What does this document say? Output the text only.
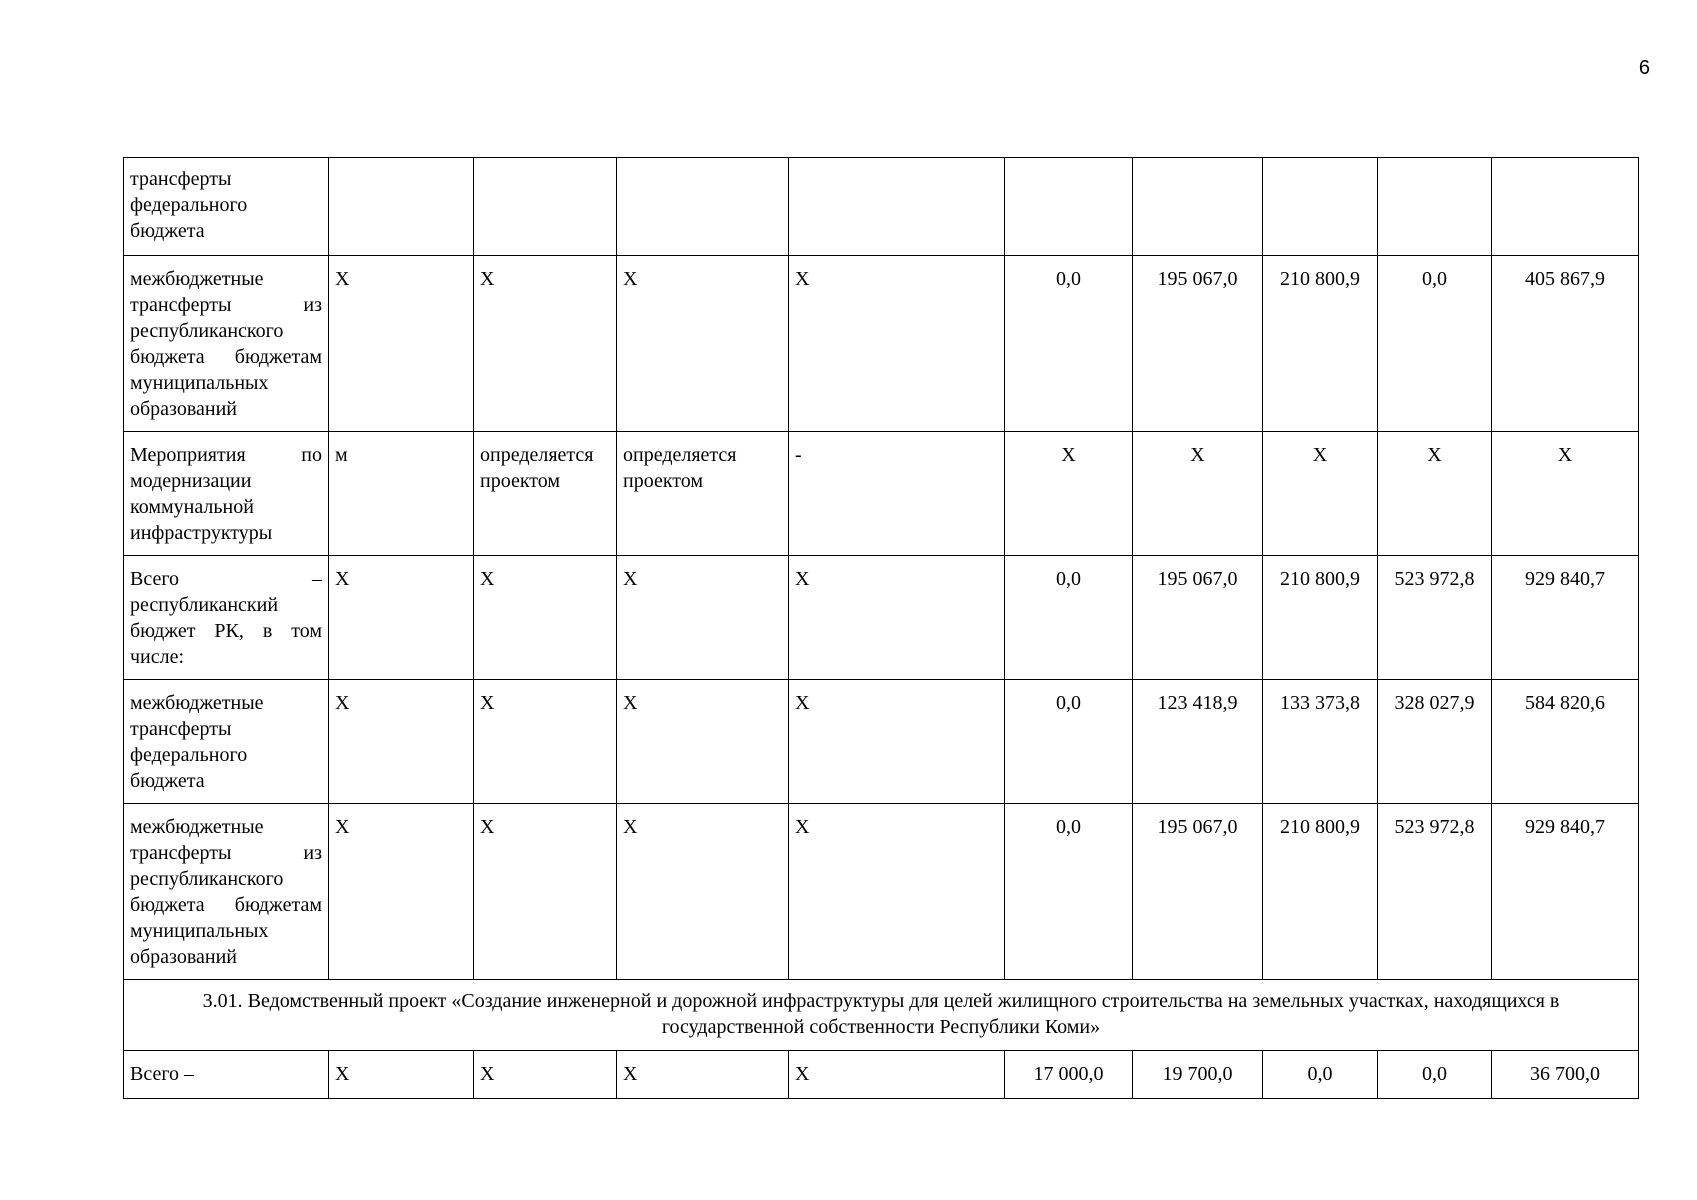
6
трансферты федерального бюджета									
межбюджетные трансферты из республиканского бюджета бюджетам муниципальных образований	X	X	X	X	0,0	195 067,0	210 800,9	0,0	405 867,9
Мероприятия по модернизации коммунальной инфраструктуры	м	определяется проектом	определяется проектом	-	X	X	X	X	X
Всего – республиканский бюджет РК, в том числе:	X	X	X	X	0,0	195 067,0	210 800,9	523 972,8	929 840,7
межбюджетные трансферты федерального бюджета	X	X	X	X	0,0	123 418,9	133 373,8	328 027,9	584 820,6
межбюджетные трансферты из республиканского бюджета бюджетам муниципальных образований	X	X	X	X	0,0	195 067,0	210 800,9	523 972,8	929 840,7
3.01. Ведомственный проект «Создание инженерной и дорожной инфраструктуры для целей жилищного строительства на земельных участках, находящихся в государственной собственности Республики Коми»									
Всего –	X	X	X	X	17 000,0	19 700,0	0,0	0,0	36 700,0
